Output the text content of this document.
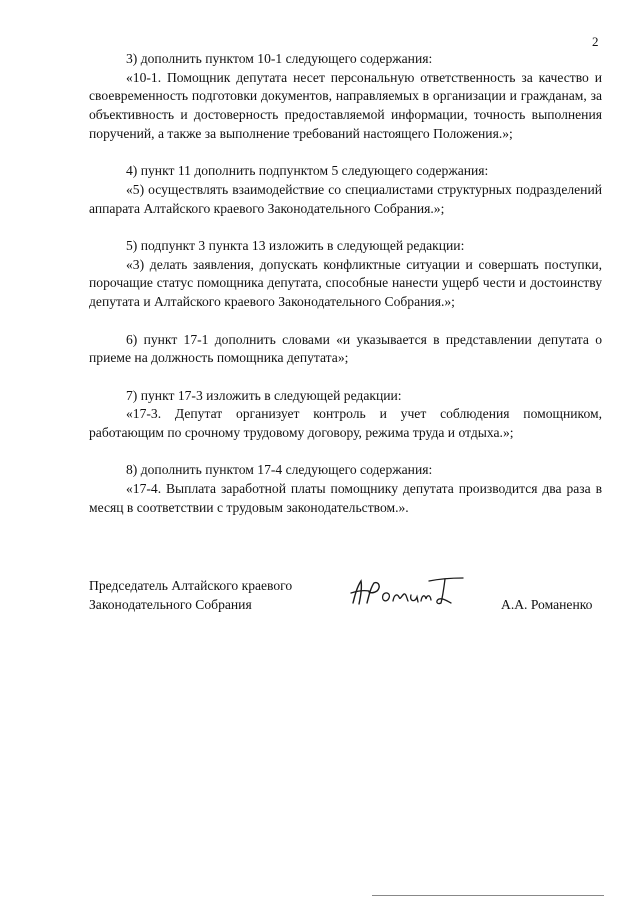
2

3) дополнить пунктом 10-1 следующего содержания:

«10-1. Помощник депутата несет персональную ответственность за качество и своевременность подготовки документов, направляемых в организации и гражданам, за объективность и достоверность предоставляемой информации, точность выполнения поручений, а также за выполнение требований настоящего Положения.»;

4) пункт 11 дополнить подпунктом 5 следующего содержания:

«5) осуществлять взаимодействие со специалистами структурных подразделений аппарата Алтайского краевого Законодательного Собрания.»;

5) подпункт 3 пункта 13 изложить в следующей редакции:

«3) делать заявления, допускать конфликтные ситуации и совершать поступки, порочащие статус помощника депутата, способные нанести ущерб чести и достоинству депутата и Алтайского краевого Законодательного Собрания.»;

6) пункт 17-1 дополнить словами «и указывается в представлении депутата о приеме на должность помощника депутата»;

7) пункт 17-3 изложить в следующей редакции:

«17-3. Депутат организует контроль и учет соблюдения помощником, работающим по срочному трудовому договору, режима труда и отдыха.»;

8) дополнить пунктом 17-4 следующего содержания:

«17-4. Выплата заработной платы помощнику депутата производится два раза в месяц в соответствии с трудовым законодательством.».

Председатель Алтайского краевого
Законодательного Собрания	А.А. Романенко
